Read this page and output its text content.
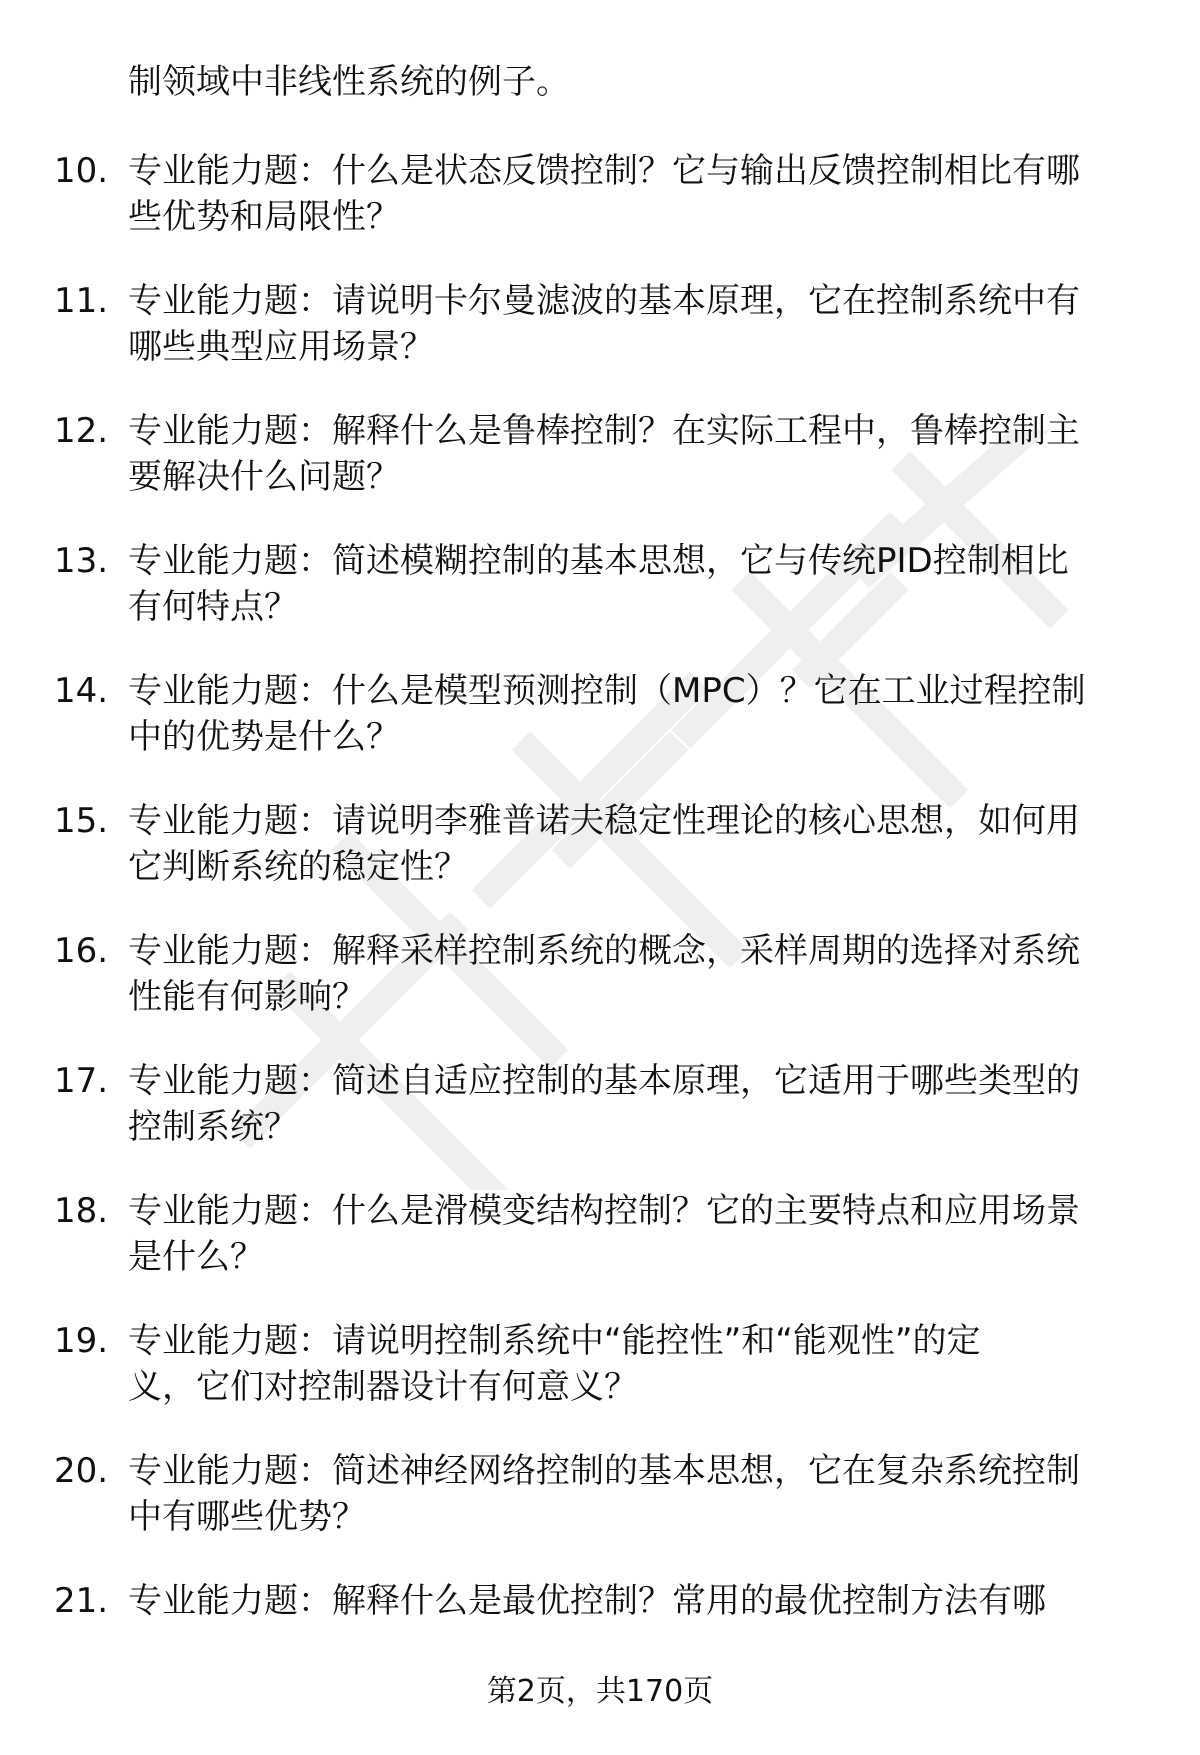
制领域中非线性系统的例子。
10. 专业能力题：什么是状态反馈控制？它与输出反馈控制相比有哪
些优势和局限性？
11. 专业能力题：请说明卡尔曼滤波的基本原理，它在控制系统中有
哪些典型应用场景？
12. 专业能力题：解释什么是鲁棒控制？在实际工程中，鲁棒控制主
要解决什么问题？
13. 专业能力题：简述模糊控制的基本思想，它与传统PID控制相比
有何特点？
14. 专业能力题：什么是模型预测控制（MPC）？它在工业过程控制
中的优势是什么？
15. 专业能力题：请说明李雅普诺夫稳定性理论的核心思想，如何用
它判断系统的稳定性？
16. 专业能力题：解释采样控制系统的概念，采样周期的选择对系统
性能有何影响？
17. 专业能力题：简述自适应控制的基本原理，它适用于哪些类型的
控制系统？
18. 专业能力题：什么是滑模变结构控制？它的主要特点和应用场景
是什么？
19. 专业能力题：请说明控制系统中“能控性”和“能观性”的定
义，它们对控制器设计有何意义？
20. 专业能力题：简述神经网络控制的基本思想，它在复杂系统控制
中有哪些优势？
21. 专业能力题：解释什么是最优控制？常用的最优控制方法有哪
第2页，共170页
